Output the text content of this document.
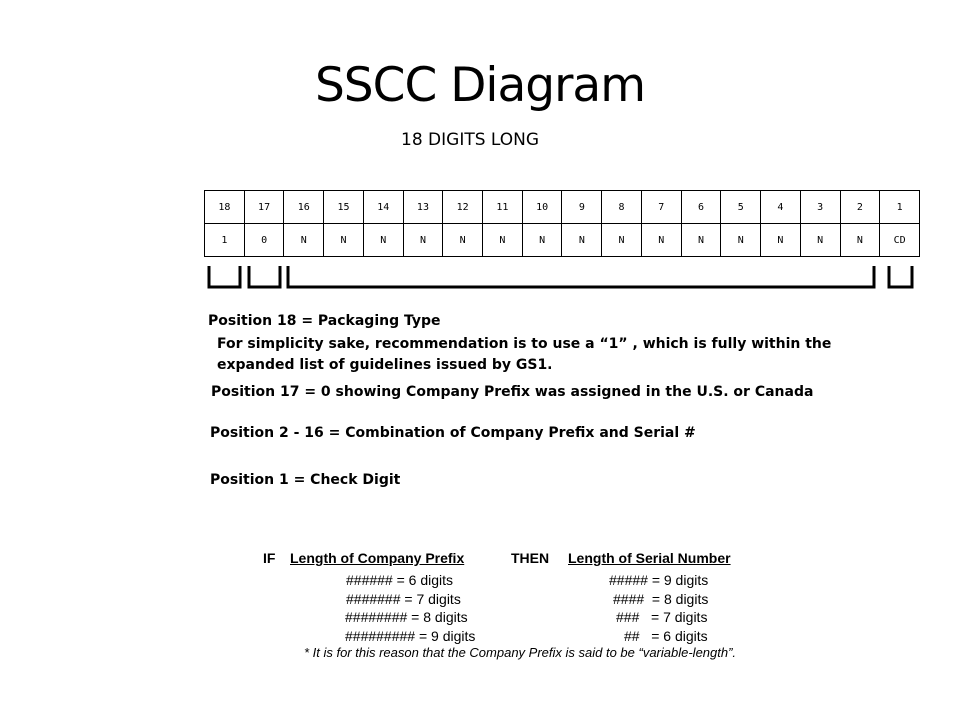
SSCC Diagram
18 DIGITS LONG
18	17	16	15	14	13	12	11	10	9	8	7	6	5	4	3	2	1
1	0	N	N	N	N	N	N	N	N	N	N	N	N	N	N	N	CD
Position 18 = Packaging Type
For simplicity sake, recommendation is to use a “1” , which is fully within the expanded list of guidelines issued by GS1.
Position 17 = 0 showing Company Prefix was assigned in the U.S. or Canada
Position 2 - 16 = Combination of Company Prefix and Serial #
Position 1 = Check Digit
IF Length of Company Prefix	THEN Length of Serial Number
###### = 6 digits	##### = 9 digits
####### = 7 digits	####  = 8 digits
######## = 8 digits	###   = 7 digits
######### = 9 digits	##   = 6 digits
* It is for this reason that the Company Prefix is said to be “variable-length”.
